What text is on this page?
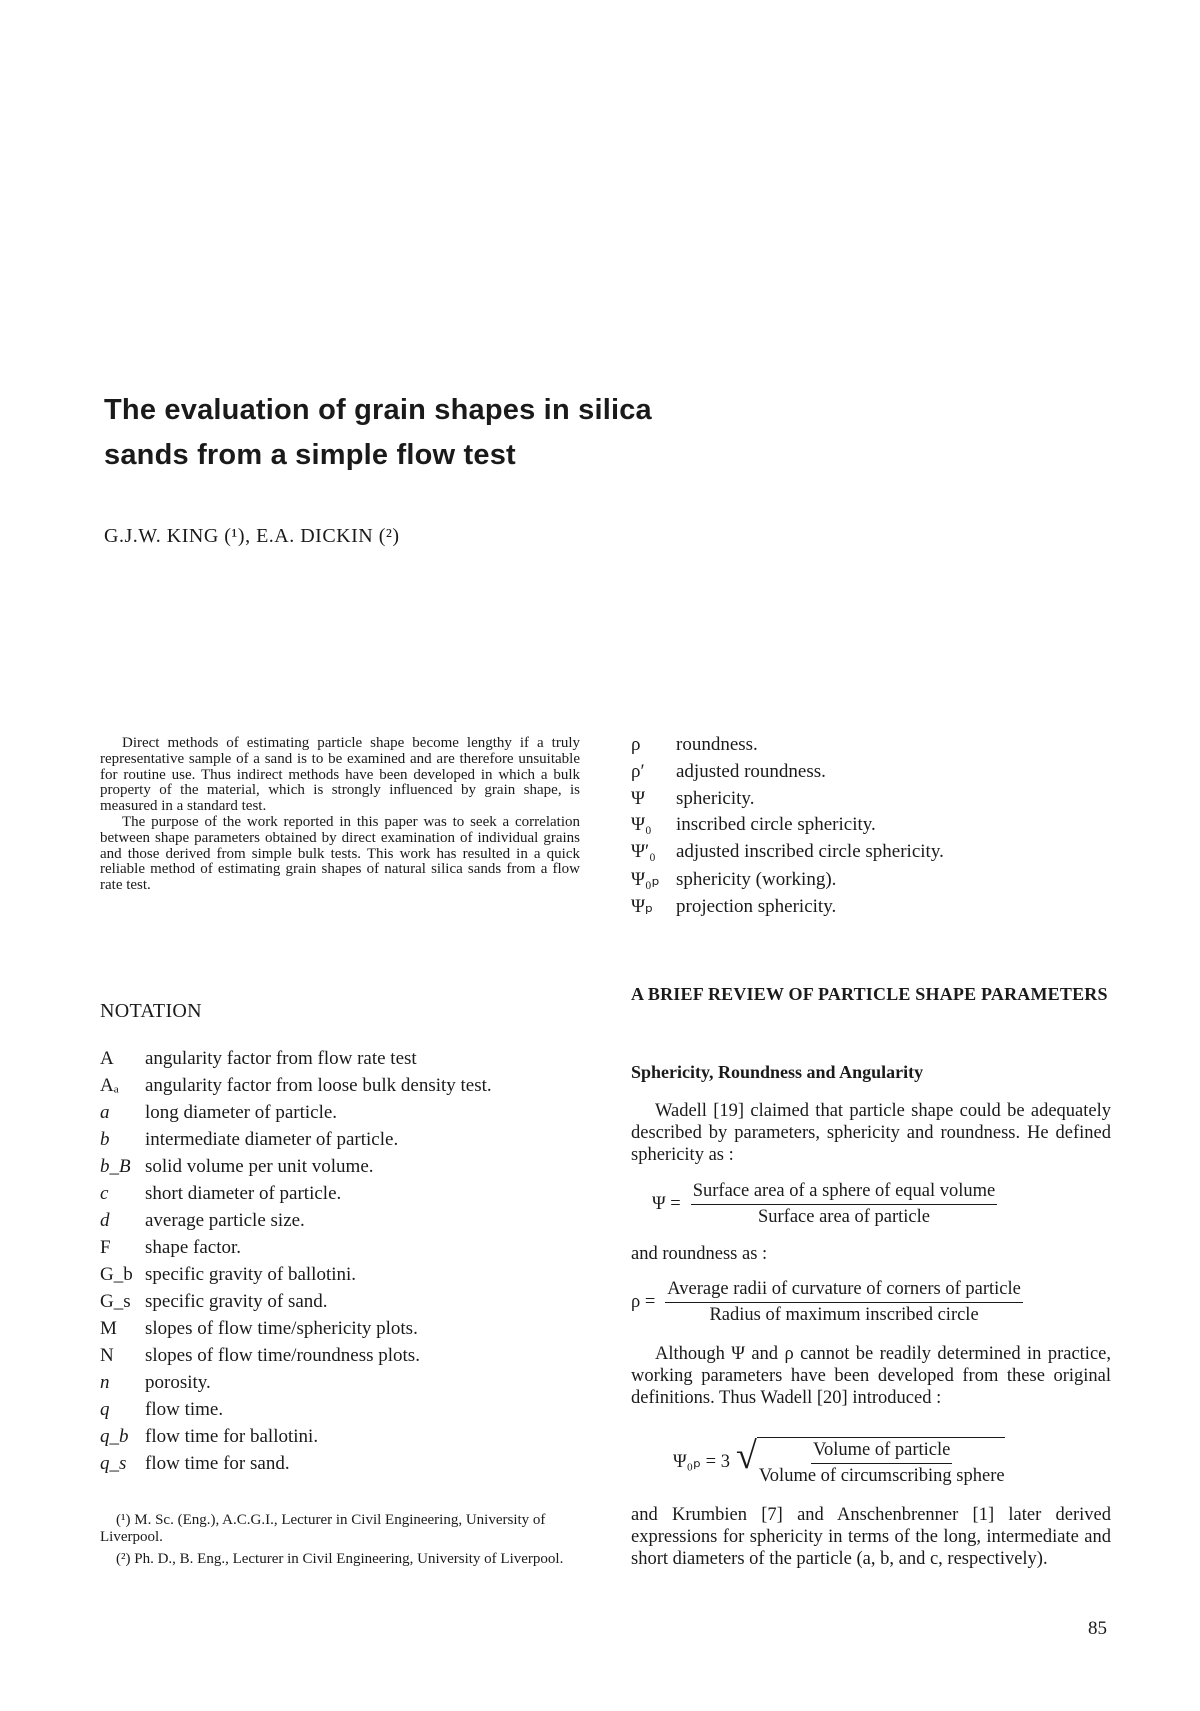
The evaluation of grain shapes in silica
sands from a simple flow test
G.J.W. KING (¹), E.A. DICKIN (²)

Direct methods of estimating particle shape become lengthy if a truly representative sample of a sand is to be examined and are therefore unsuitable for routine use. Thus indirect methods have been developed in which a bulk property of the material, which is strongly influenced by grain shape, is measured in a standard test.

The purpose of the work reported in this paper was to seek a correlation between shape parameters obtained by direct examination of individual grains and those derived from simple bulk tests. This work has resulted in a quick reliable method of estimating grain shapes of natural silica sands from a flow rate test.

ρ	roundness.
ρ′	adjusted roundness.
Ψ	sphericity.
Ψ₀	inscribed circle sphericity.
Ψ′₀	adjusted inscribed circle sphericity.
Ψ₀ₚ sphericity (working).
Ψₚ	projection sphericity.
NOTATION
A	angularity factor from flow rate test
Aₐ	angularity factor from loose bulk density test.
a	long diameter of particle.
b	intermediate diameter of particle.
b_B solid volume per unit volume.
c	short diameter of particle.
d	average particle size.
F	shape factor.
G_b specific gravity of ballotini.
G_s specific gravity of sand.
M	slopes of flow time/sphericity plots.
N	slopes of flow time/roundness plots.
n	porosity.
q	flow time.
q_b flow time for ballotini.
q_s flow time for sand.

(¹) M. Sc. (Eng.), A.C.G.I., Lecturer in Civil Engineering, University of Liverpool.

(²) Ph. D., B. Eng., Lecturer in Civil Engineering, University of Liverpool.

A BRIEF REVIEW OF PARTICLE SHAPE PARAMETERS
Sphericity, Roundness and Angularity

Wadell [19] claimed that particle shape could be adequately described by parameters, sphericity and roundness. He defined sphericity as :

$\Psi = \frac{\text{Surface area of a sphere of equal volume}}{\text{Surface area of particle}}$

and roundness as :

$\rho = \frac{\text{Average radii of curvature of corners of particle}}{\text{Radius of maximum inscribed circle}}$

Although Ψ and ρ cannot be readily determined in practice, working parameters have been developed from these original definitions. Thus Wadell [20] introduced :

Ψ₀ₚ = 3 √ $\frac{\text{Volume of particle}}{\text{Volume of circumscribing sphere}}$

and Krumbien [7] and Anschenbrenner [1] later derived expressions for sphericity in terms of the long, intermediate and short diameters of the particle (a, b, and c, respectively).

85
